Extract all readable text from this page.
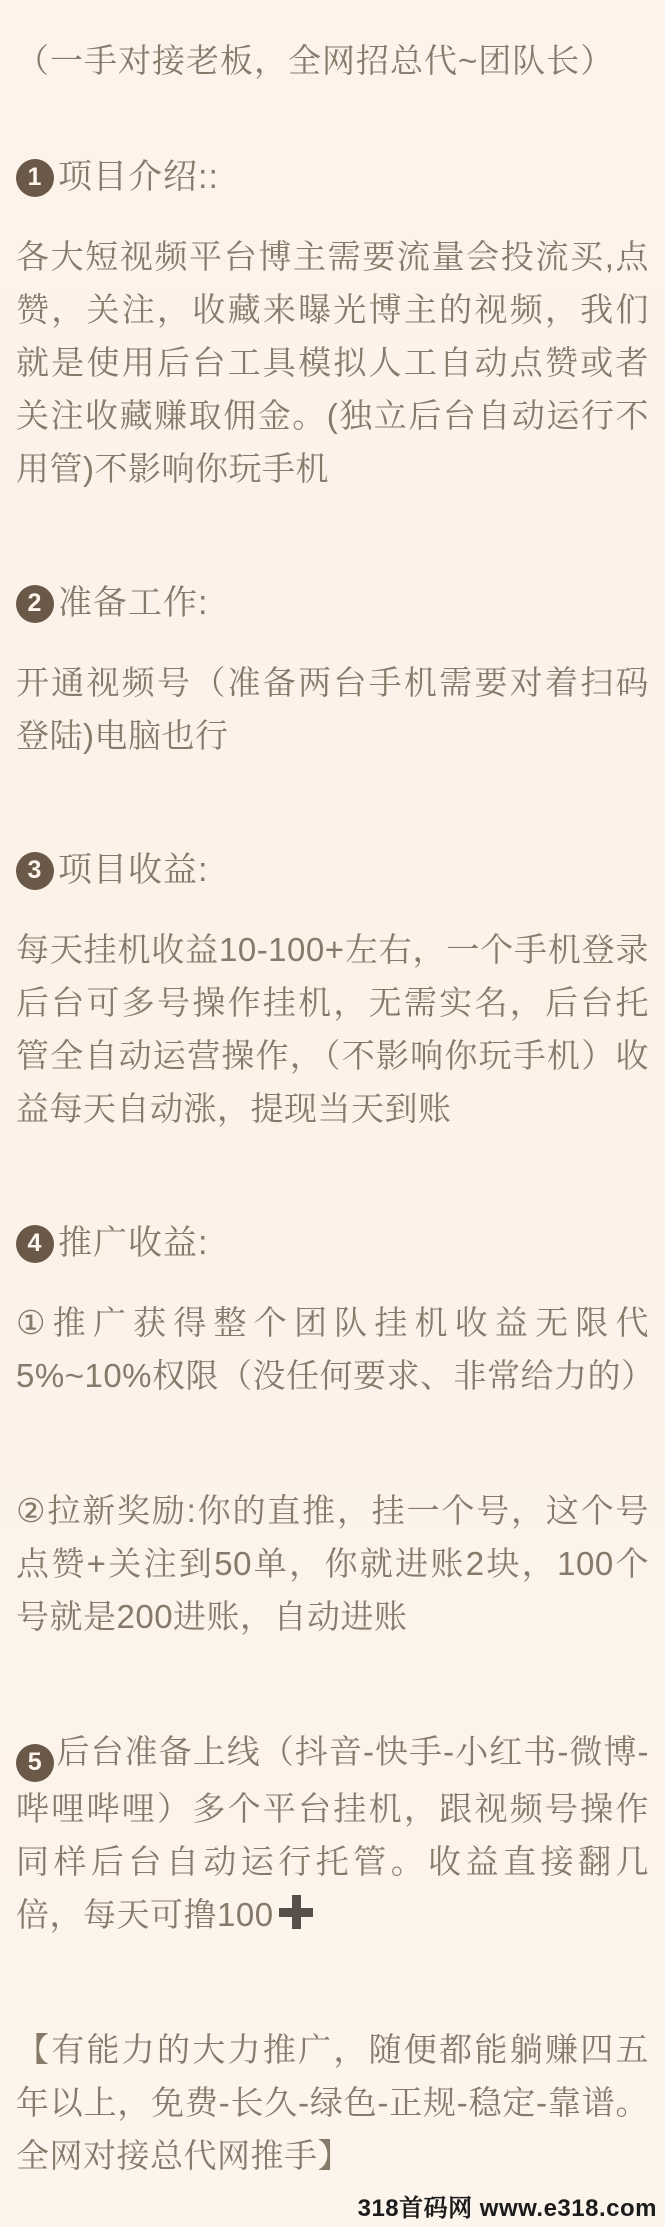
（一手对接老板，全网招总代~团队长）

1 项目介绍::

各大短视频平台博主需要流量会投流买,点赞，关注，收藏来曝光博主的视频，我们就是使用后台工具模拟人工自动点赞或者关注收藏赚取佣金。(独立后台自动运行不用管)不影响你玩手机

2 准备工作:

开通视频号（准备两台手机需要对着扫码登陆)电脑也行

3 项目收益:

每天挂机收益10-100+左右，一个手机登录后台可多号操作挂机，无需实名，后台托管全自动运营操作，（不影响你玩手机）收益每天自动涨，提现当天到账

4 推广收益:

①推广获得整个团队挂机收益无限代5%~10%权限（没任何要求、非常给力的）

②拉新奖励:你的直推，挂一个号，这个号点赞+关注到50单，你就进账2块，100个号就是200进账，自动进账

5 后台准备上线（抖音-快手-小红书-微博-哔哩哔哩）多个平台挂机，跟视频号操作同样后台自动运行托管。收益直接翻几倍，每天可撸100

【有能力的大力推广，随便都能躺赚四五年以上，免费-长久-绿色-正规-稳定-靠谱。全网对接总代网推手】

318首码网 www.e318.com
